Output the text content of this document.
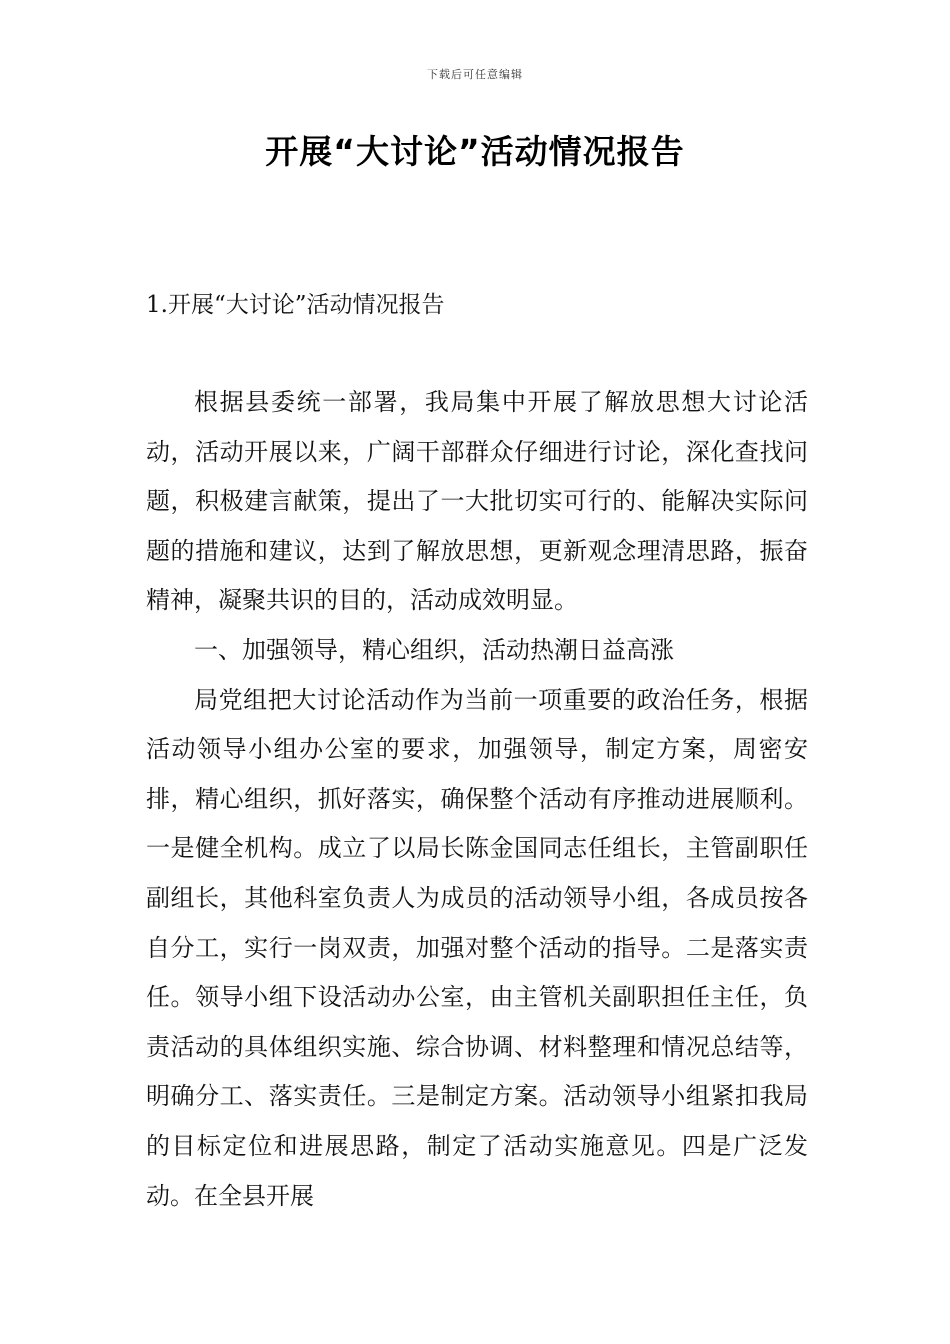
下载后可任意编辑
开展“大讨论”活动情况报告
1.开展“大讨论”活动情况报告

根据县委统一部署，我局集中开展了解放思想大讨论活动，活动开展以来，广阔干部群众仔细进行讨论，深化查找问题，积极建言献策，提出了一大批切实可行的、能解决实际问题的措施和建议，达到了解放思想，更新观念理清思路，振奋精神，凝聚共识的目的，活动成效明显。

一、加强领导，精心组织，活动热潮日益高涨

局党组把大讨论活动作为当前一项重要的政治任务，根据活动领导小组办公室的要求，加强领导，制定方案，周密安排，精心组织，抓好落实，确保整个活动有序推动进展顺利。一是健全机构。成立了以局长陈金国同志任组长，主管副职任副组长，其他科室负责人为成员的活动领导小组，各成员按各自分工，实行一岗双责，加强对整个活动的指导。二是落实责任。领导小组下设活动办公室，由主管机关副职担任主任，负责活动的具体组织实施、综合协调、材料整理和情况总结等，明确分工、落实责任。三是制定方案。活动领导小组紧扣我局的目标定位和进展思路，制定了活动实施意见。四是广泛发动。在全县开展
